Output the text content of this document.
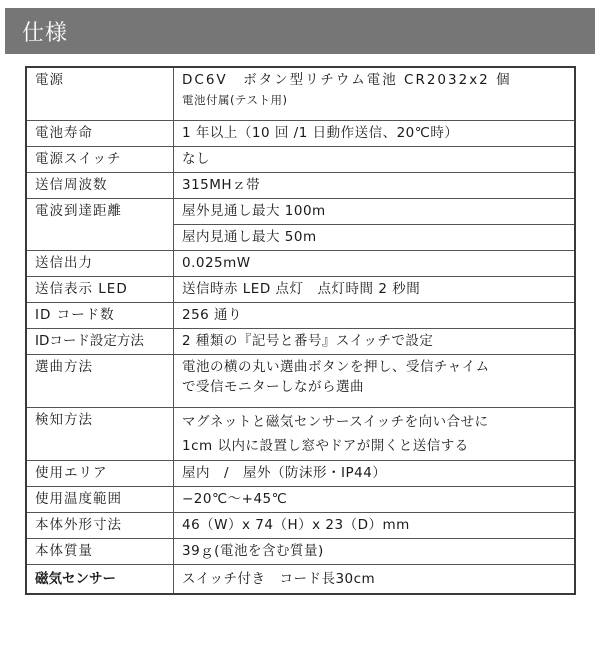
仕様
電源	DC6V　ボタン型リチウム電池 CR2032x2 個
電池付属(テスト用)

電池寿命	1 年以上（10 回 /1 日動作送信、20℃時）
電源スイッチ	なし
送信周波数	315MHｚ帯
電波到達距離	屋外見通し最大 100m
	屋内見通し最大 50m
送信出力	0.025mW
送信表示 LED	送信時赤 LED 点灯　点灯時間 2 秒間
ID コード数	256 通り
IDコード設定方法	2 種類の『記号と番号』スイッチで設定
選曲方法	電池の横の丸い選曲ボタンを押し、受信チャイム
で受信モニターしながら選曲

検知方法	マグネットと磁気センサースイッチを向い合せに
1cm 以内に設置し窓やドアが開くと送信する

使用エリア	屋内　/　屋外（防沫形・IP44）
使用温度範囲	−20℃〜+45℃
本体外形寸法	46（W）x 74（H）x 23（D）mm
本体質量	39ｇ(電池を含む質量)
磁気センサー	スイッチ付き　コード長30cm
